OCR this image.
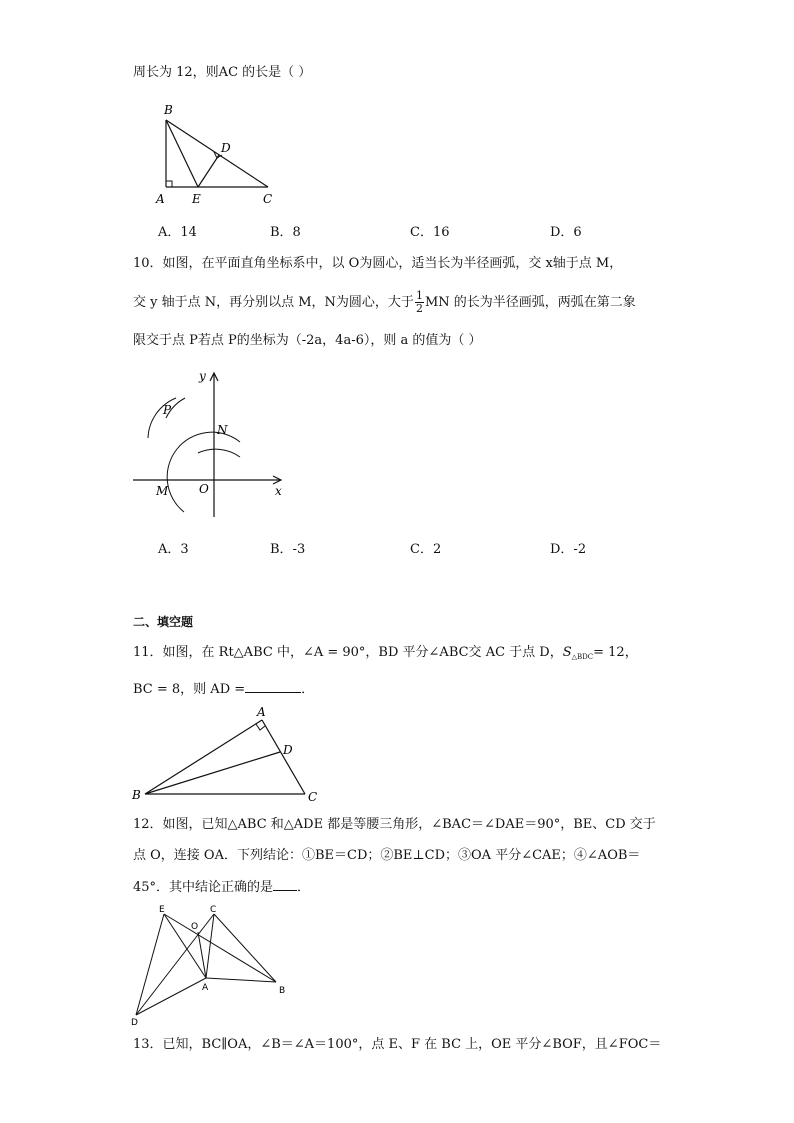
周长为 12，则AC 的长是（ ）
B
D
A E	C
A．14	B．8	C．16	D．6
10．如图，在平面直角坐标系中，以 O为圆心，适当长为半径画弧，交 x轴于点 M，
交 y 轴于点 N，再分别以点 M，N为圆心，大于 $\frac{1}{2}$ MN 的长为半径画弧，两弧在第二象
限交于点 P若点 P的坐标为（-2a，4a-6），则 a 的值为（ ）
y
x
P
N
M	O
A．3	B．-3	C．2	D．-2
二、填空题
11．如图，在 Rt△ABC 中，∠A = 90°，BD 平分∠ABC交 AC 于点 D，$S_{\triangle BDC}= 12$，
BC = 8，则 AD =	．
A
D
B	C
12．如图，已知△ABC 和△ADE 都是等腰三角形，∠BAC＝∠DAE＝90°，BE、CD 交于
点 O，连接 OA．下列结论：①BE＝CD；②BE⊥CD；③OA 平分∠CAE；④∠AOB＝
45°．其中结论正确的是 ．
E	C
O
A	B
D
13．已知，BC∥OA，∠B＝∠A＝100°，点 E、F 在 BC 上，OE 平分∠BOF，且∠FOC＝
